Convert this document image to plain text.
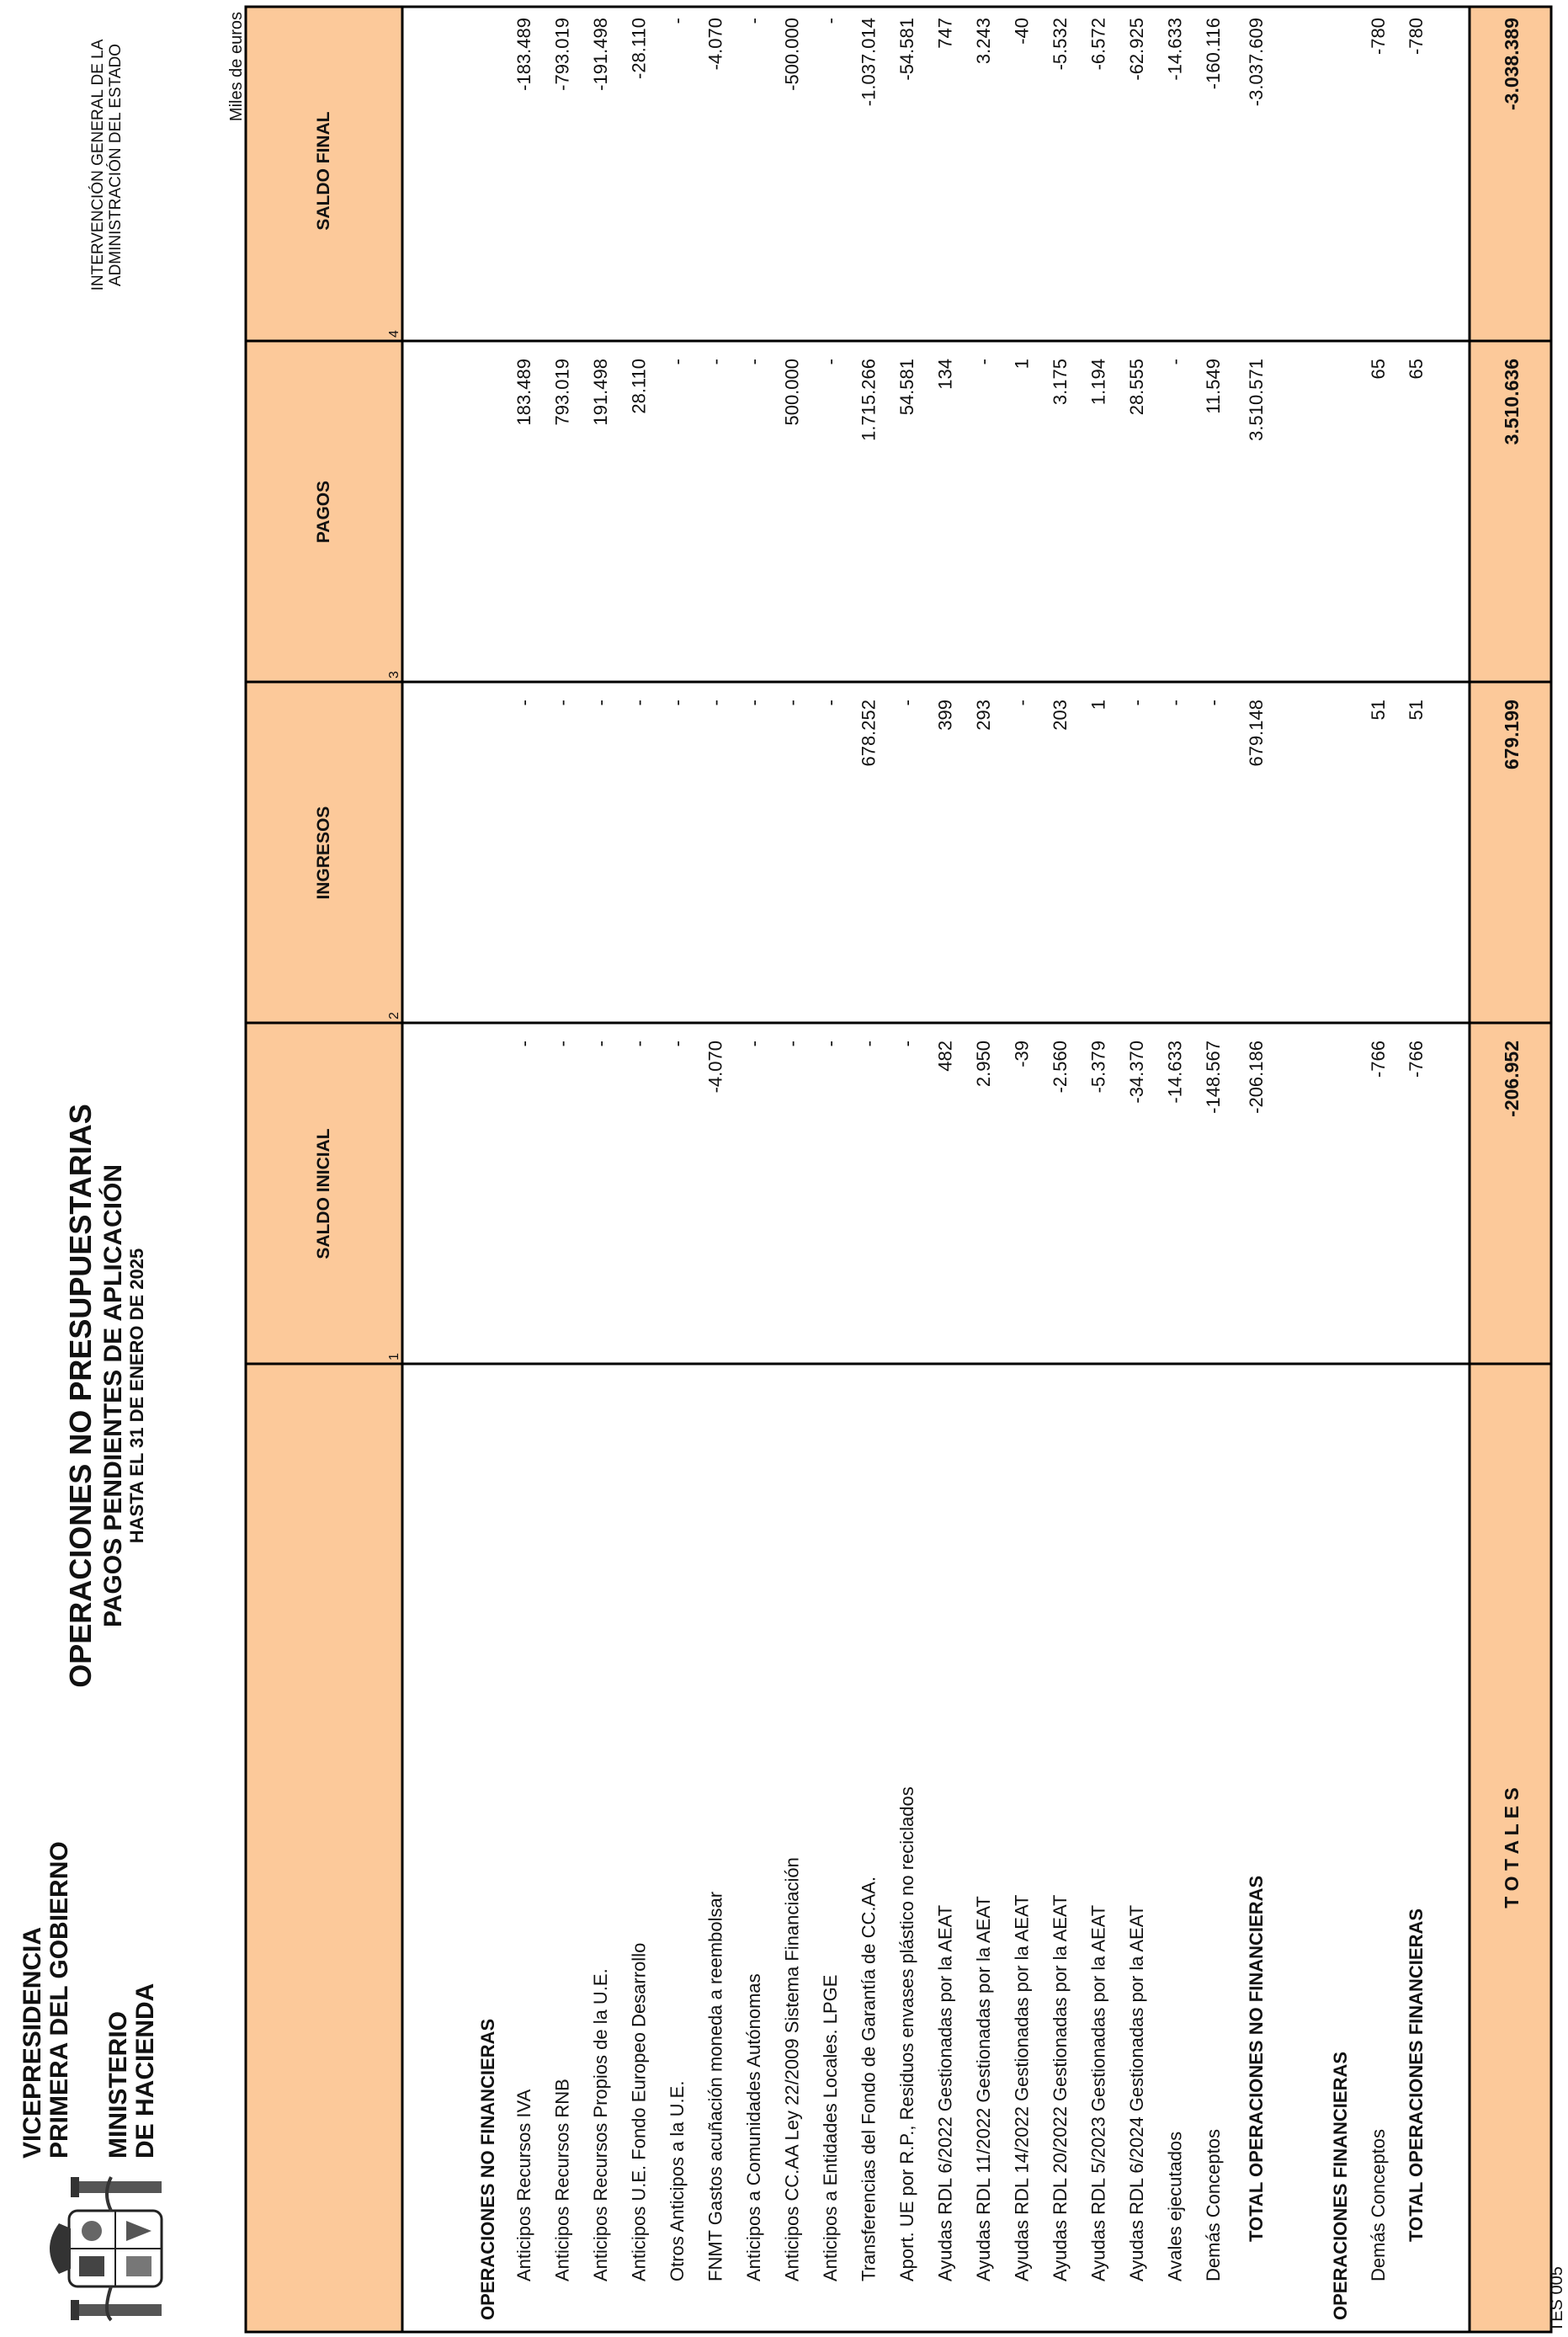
VICEPRESIDENCIA PRIMERA DEL GOBIERNO MINISTERIO DE HACIENDA
OPERACIONES NO PRESUPUESTARIAS PAGOS PENDIENTES DE APLICACIÓN HASTA EL 31 DE ENERO DE 2025
INTERVENCIÓN GENERAL DE LA ADMINISTRACIÓN DEL ESTADO	Miles de euros
SALDO INICIAL
INGRESOS
PAGOS
SALDO FINAL
1
2
3
4
OPERACIONES NO FINANCIERAS Anticipos Recursos IVA
-
-
183.489
-183.489
Anticipos Recursos RNB
-
-
793.019
-793.019
Anticipos Recursos Propios de la U.E.
-
-
191.498
-191.498
Anticipos U.E. Fondo Europeo Desarrollo
-
-
28.110
-28.110
Otros Anticipos a la U.E.
-
-
-
-
FNMT Gastos acuñación moneda a reembolsar
-4.070
-
-
-4.070
Anticipos a Comunidades Autónomas
-
-
-
-
Anticipos CC.AA Ley 22/2009 Sistema Financiación
-
-
500.000
-500.000
Anticipos a Entidades Locales. LPGE
-
-
-
-
Transferencias del Fondo de Garantía de CC.AA.
-
678.252
1.715.266
-1.037.014
Aport. UE por R.P., Residuos envases plástico no reciclados
-
-
54.581
-54.581
Ayudas RDL 6/2022 Gestionadas por la AEAT
482
399
134
747
Ayudas RDL 11/2022 Gestionadas por la AEAT
2.950
293
-
3.243
Ayudas RDL 14/2022 Gestionadas por la AEAT
-39
-
1
-40
Ayudas RDL 20/2022 Gestionadas por la AEAT
-2.560
203
3.175
-5.532
Ayudas RDL 5/2023 Gestionadas por la AEAT
-5.379
1
1.194
-6.572
Ayudas RDL 6/2024 Gestionadas por la AEAT
-34.370
-
28.555
-62.925
Avales ejecutados
-14.633
-
-
-14.633
Demás Conceptos
-148.567
-
11.549
-160.116
TOTAL OPERACIONES NO FINANCIERAS
-206.186
679.148
3.510.571
-3.037.609
OPERACIONES FINANCIERAS Demás Conceptos
-766
51
65
-780
TOTAL OPERACIONES FINANCIERAS
-766
51
65
-780
T O T A L E S
-206.952
679.199
3.510.636
-3.038.389
TES 005
